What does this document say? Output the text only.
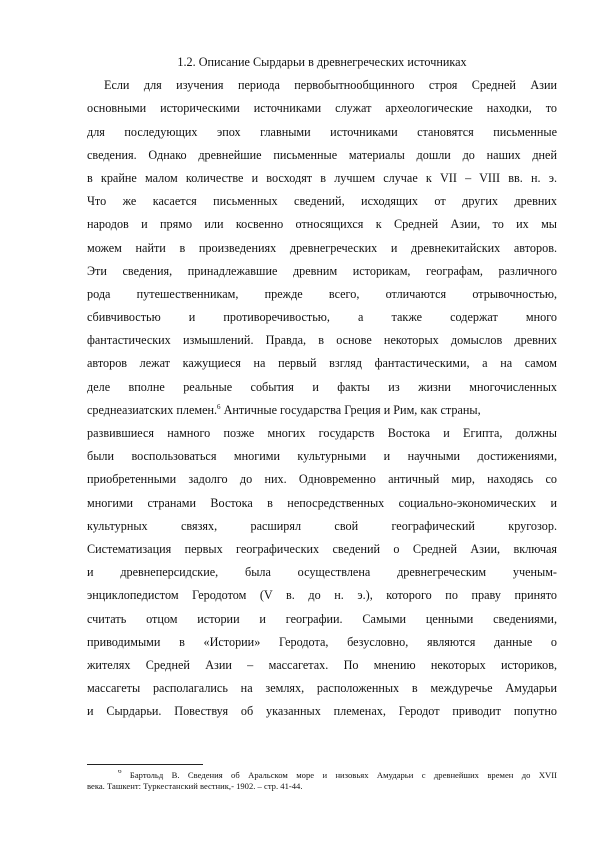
1.2. Описание Сырдарьи в древнегреческих источниках

Если для изучения периода первобытнообщинного строя Средней Азии
основными историческими источниками служат археологические находки, то
для последующих эпох главными источниками становятся письменные
сведения. Однако древнейшие письменные материалы дошли до наших дней
в крайне малом количестве и восходят в лучшем случае к VII – VIII вв. н. э.
Что же касается письменных сведений, исходящих от других древних
народов и прямо или косвенно относящихся к Средней Азии, то их мы
можем найти в произведениях древнегреческих и древнекитайских авторов.
Эти сведения, принадлежавшие древним историкам, географам, различного
рода путешественникам, прежде всего, отличаются отрывочностью,
сбивчивостью и противоречивостью, а также содержат много
фантастических измышлений. Правда, в основе некоторых домыслов древних
авторов лежат кажущиеся на первый взгляд фантастическими, а на самом
деле вполне реальные события и факты из жизни многочисленных
среднеазиатских племен.$^6$ Античные государства Греция и Рим, как страны,
развившиеся намного позже многих государств Востока и Египта, должны
были воспользоваться многими культурными и научными достижениями,
приобретенными задолго до них. Одновременно античный мир, находясь со
многими странами Востока в непосредственных социально-экономических и
культурных связях, расширял свой географический кругозор.
Систематизация первых географических сведений о Средней Азии, включая
и древнеперсидские, была осуществлена древнегреческим ученым-
энциклопедистом Геродотом (V в. до н. э.), которого по праву принято
считать отцом истории и географии. Самыми ценными сведениями,
приводимыми в «Истории» Геродота, безусловно, являются данные о
жителях Средней Азии – массагетах. По мнению некоторых историков,
массагеты располагались на землях, расположенных в междуречье Амударьи
и Сырдарьи. Повествуя об указанных племенах, Геродот приводит попутно
$^6$ Бартольд В. Сведения об Аральском море и низовьях Амударьи с древнейших времен до XVII
века. Ташкент: Туркестанский вестник,- 1902. – стр. 41-44.
